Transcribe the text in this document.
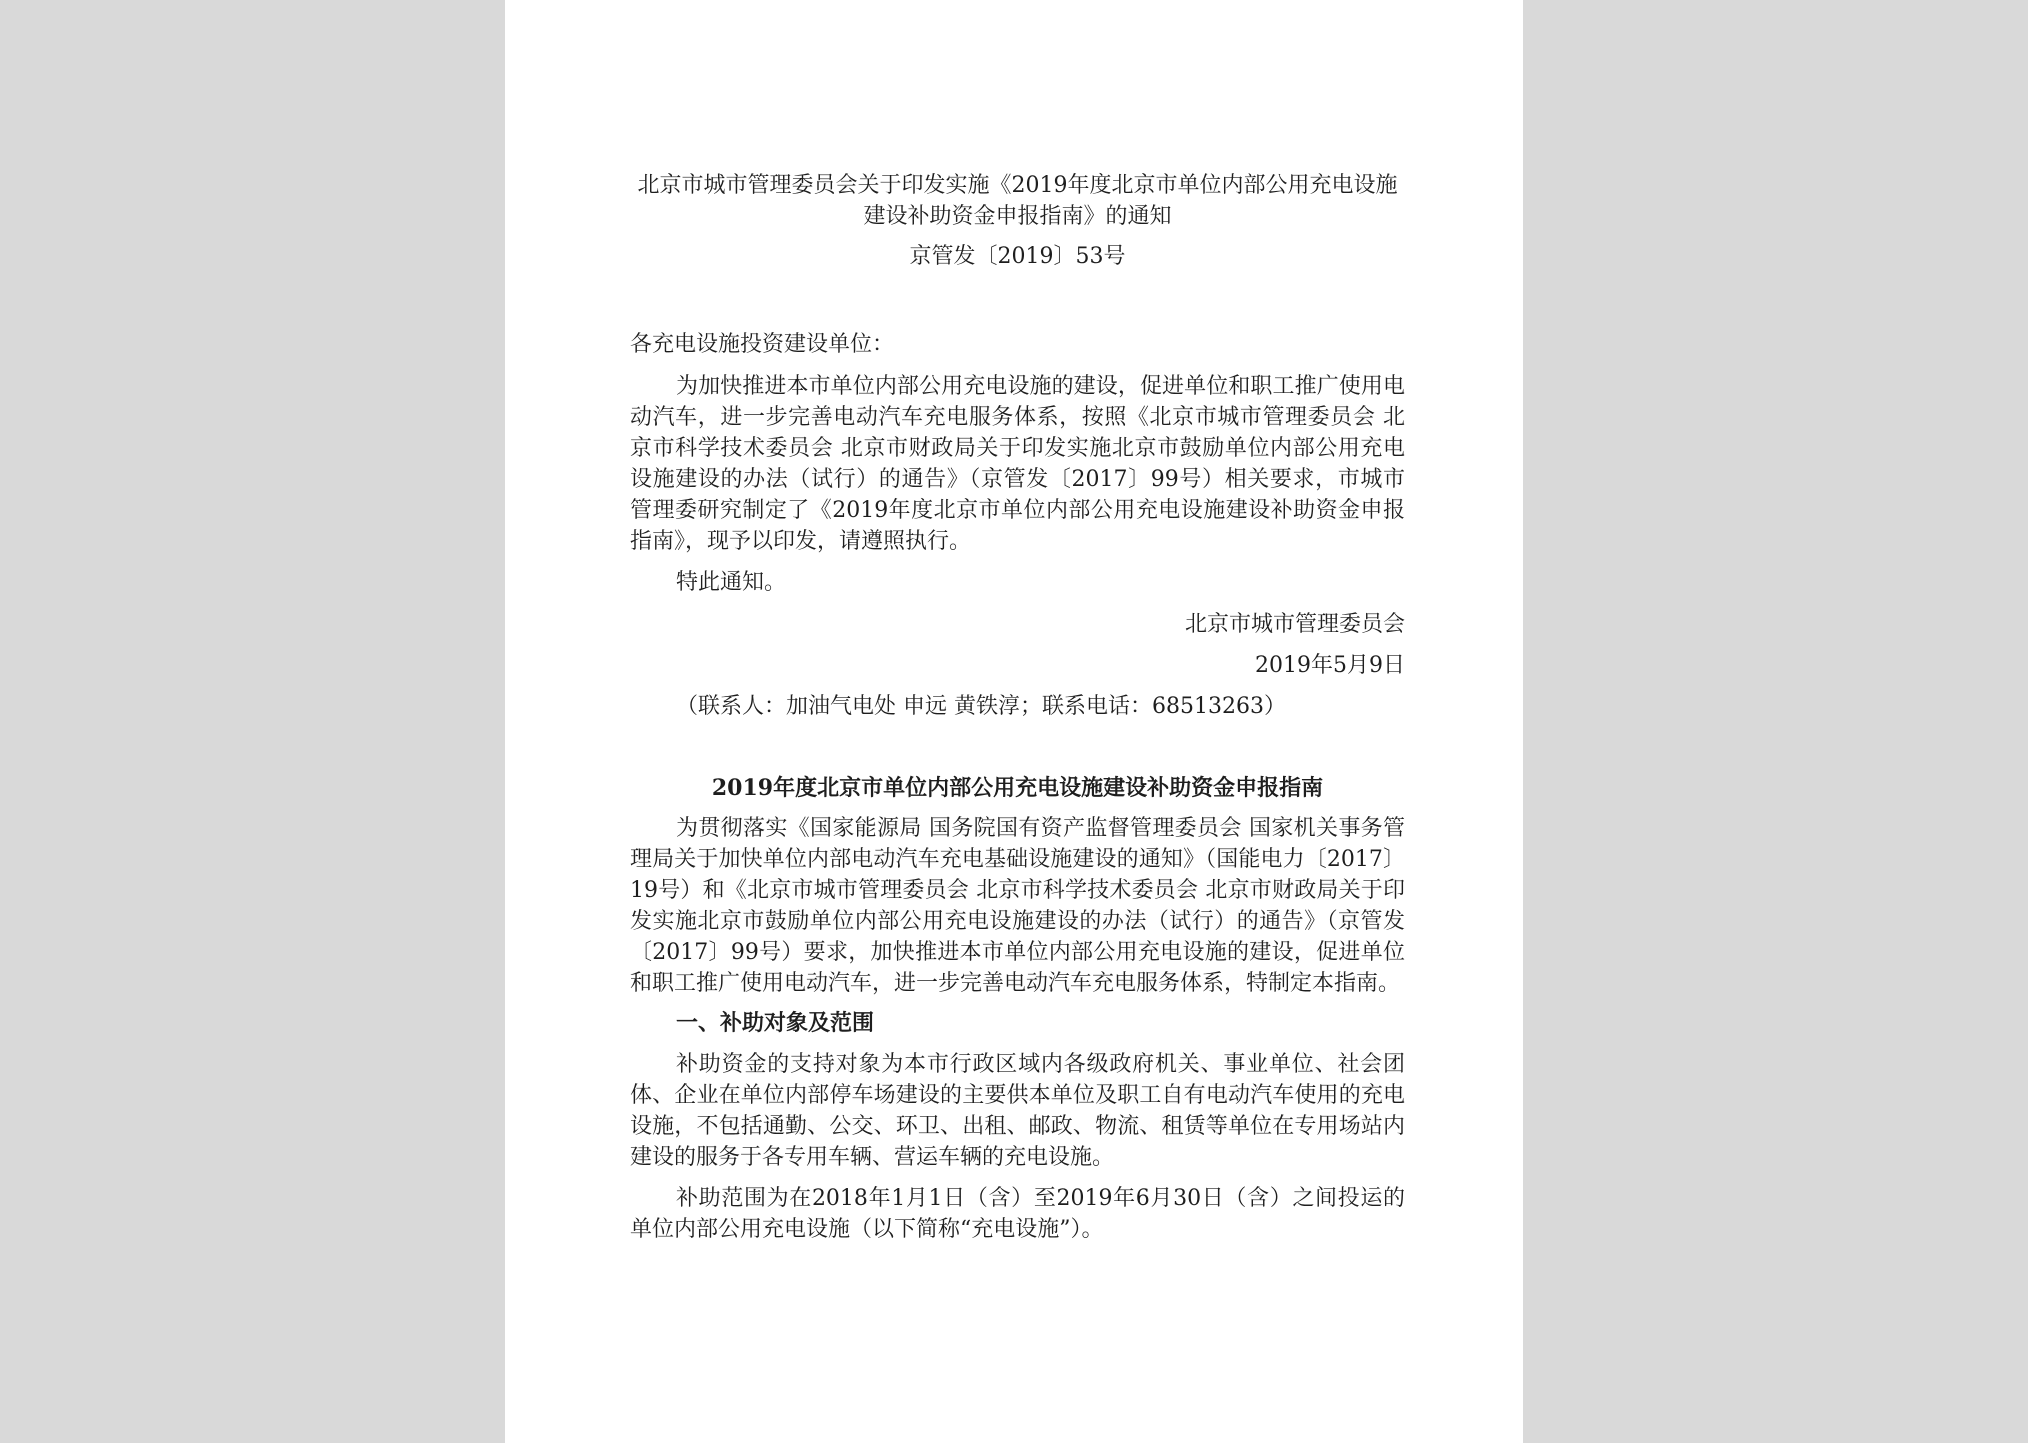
北京市城市管理委员会关于印发实施《2019年度北京市单位内部公用充电设施建设补助资金申报指南》的通知

京管发〔2019〕53号
各充电设施投资建设单位：

为加快推进本市单位内部公用充电设施的建设，促进单位和职工推广使用电动汽车，进一步完善电动汽车充电服务体系，按照《北京市城市管理委员会 北京市科学技术委员会 北京市财政局关于印发实施北京市鼓励单位内部公用充电设施建设的办法（试行）的通告》（京管发〔2017〕99号）相关要求，市城市管理委研究制定了《2019年度北京市单位内部公用充电设施建设补助资金申报指南》，现予以印发，请遵照执行。

特此通知。

北京市城市管理委员会
2019年5月9日
（联系人：加油气电处 申远 黄铁淳；联系电话：68513263）
2019年度北京市单位内部公用充电设施建设补助资金申报指南

为贯彻落实《国家能源局 国务院国有资产监督管理委员会 国家机关事务管理局关于加快单位内部电动汽车充电基础设施建设的通知》（国能电力〔2017〕19号）和《北京市城市管理委员会 北京市科学技术委员会 北京市财政局关于印发实施北京市鼓励单位内部公用充电设施建设的办法（试行）的通告》（京管发〔2017〕99号）要求，加快推进本市单位内部公用充电设施的建设，促进单位和职工推广使用电动汽车，进一步完善电动汽车充电服务体系，特制定本指南。

一、补助对象及范围

补助资金的支持对象为本市行政区域内各级政府机关、事业单位、社会团体、企业在单位内部停车场建设的主要供本单位及职工自有电动汽车使用的充电设施，不包括通勤、公交、环卫、出租、邮政、物流、租赁等单位在专用场站内建设的服务于各专用车辆、营运车辆的充电设施。

补助范围为在2018年1月1日（含）至2019年6月30日（含）之间投运的单位内部公用充电设施（以下简称“充电设施”）。
